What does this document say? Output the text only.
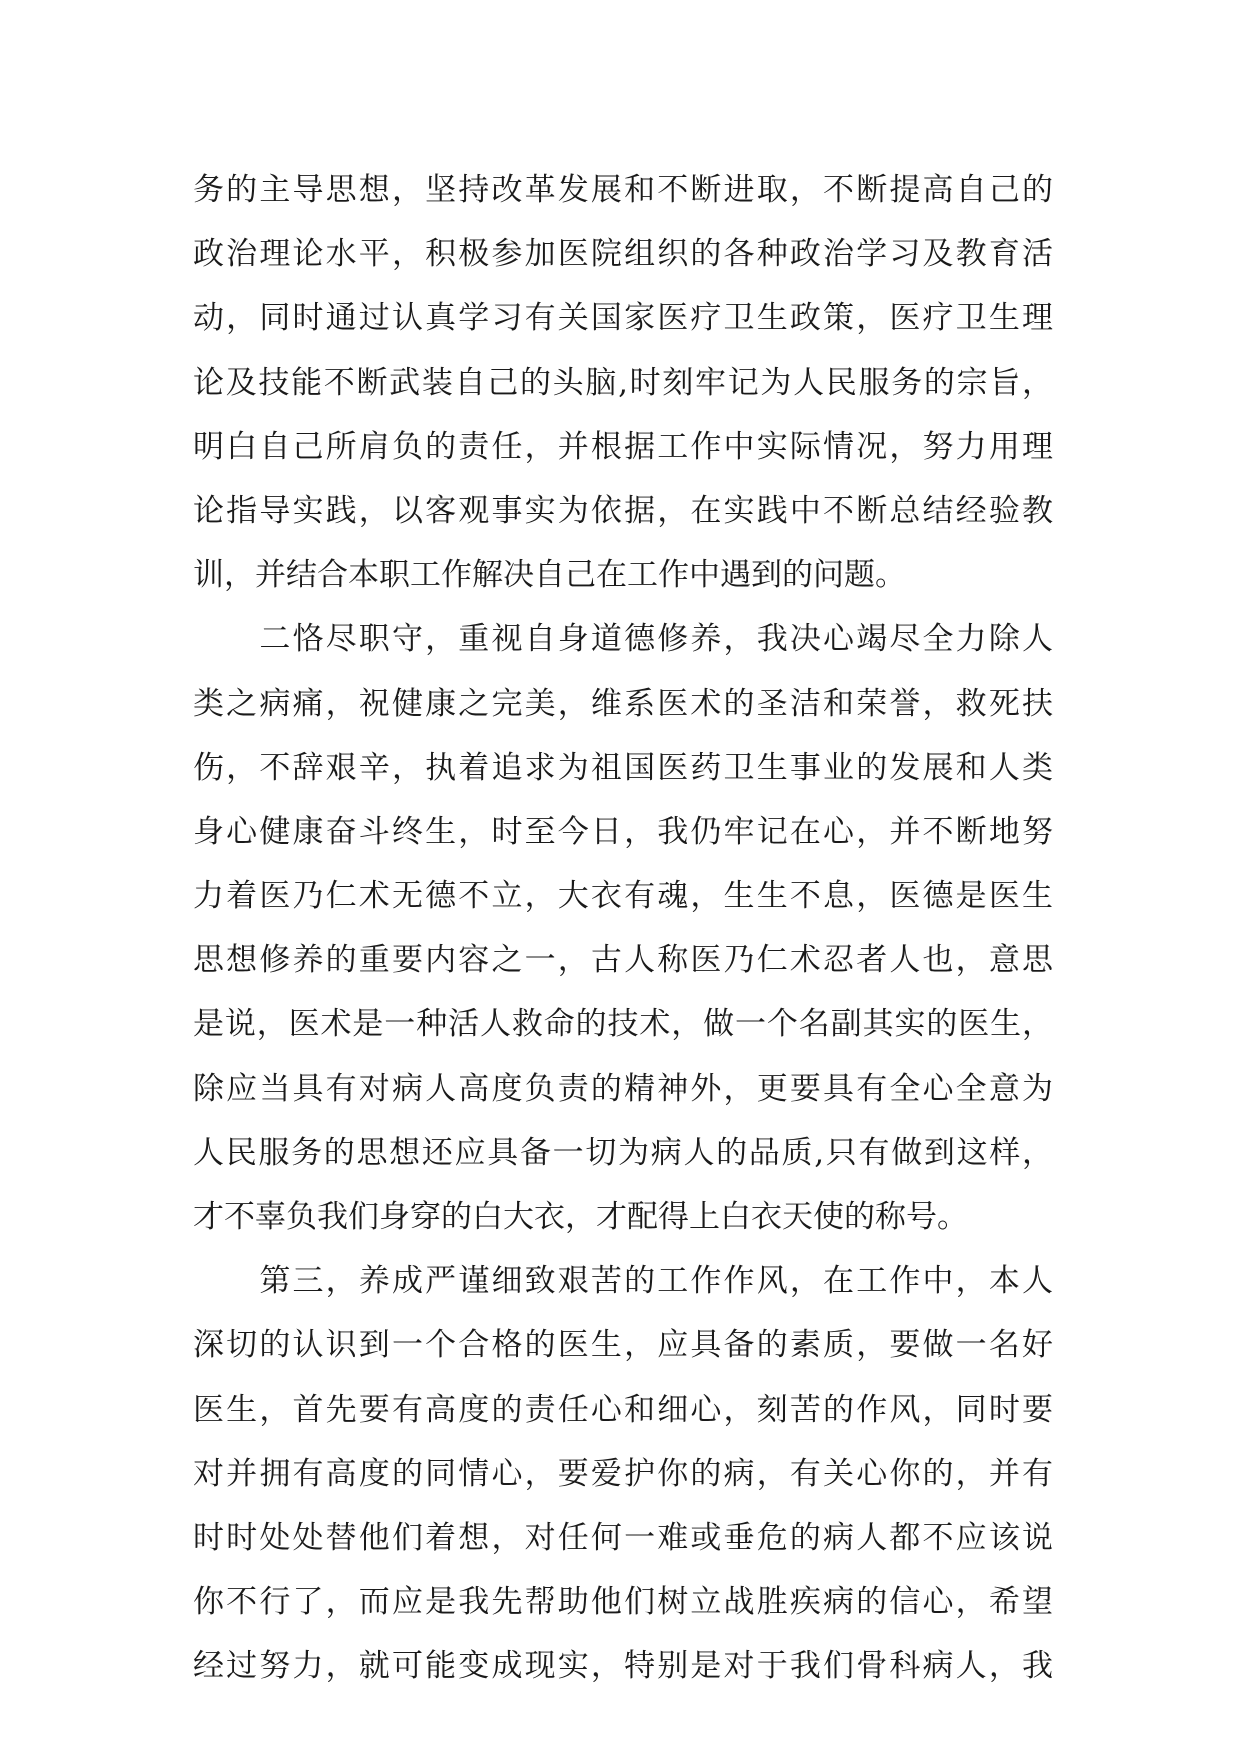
务的主导思想，坚持改革发展和不断进取，不断提高自己的
政治理论水平，积极参加医院组织的各种政治学习及教育活
动，同时通过认真学习有关国家医疗卫生政策，医疗卫生理
论及技能不断武装自己的头脑,时刻牢记为人民服务的宗旨，
明白自己所肩负的责任，并根据工作中实际情况，努力用理
论指导实践，以客观事实为依据，在实践中不断总结经验教
训，并结合本职工作解决自己在工作中遇到的问题。
　　二恪尽职守，重视自身道德修养，我决心竭尽全力除人
类之病痛，祝健康之完美，维系医术的圣洁和荣誉，救死扶
伤，不辞艰辛，执着追求为祖国医药卫生事业的发展和人类
身心健康奋斗终生，时至今日，我仍牢记在心，并不断地努
力着医乃仁术无德不立，大衣有魂，生生不息，医德是医生
思想修养的重要内容之一，古人称医乃仁术忍者人也，意思
是说，医术是一种活人救命的技术，做一个名副其实的医生，
除应当具有对病人高度负责的精神外，更要具有全心全意为
人民服务的思想还应具备一切为病人的品质,只有做到这样，
才不辜负我们身穿的白大衣，才配得上白衣天使的称号。
　　第三，养成严谨细致艰苦的工作作风，在工作中，本人
深切的认识到一个合格的医生，应具备的素质，要做一名好
医生，首先要有高度的责任心和细心，刻苦的作风，同时要
对并拥有高度的同情心，要爱护你的病，有关心你的，并有
时时处处替他们着想，对任何一难或垂危的病人都不应该说
你不行了，而应是我先帮助他们树立战胜疾病的信心，希望
经过努力，就可能变成现实，特别是对于我们骨科病人，我
